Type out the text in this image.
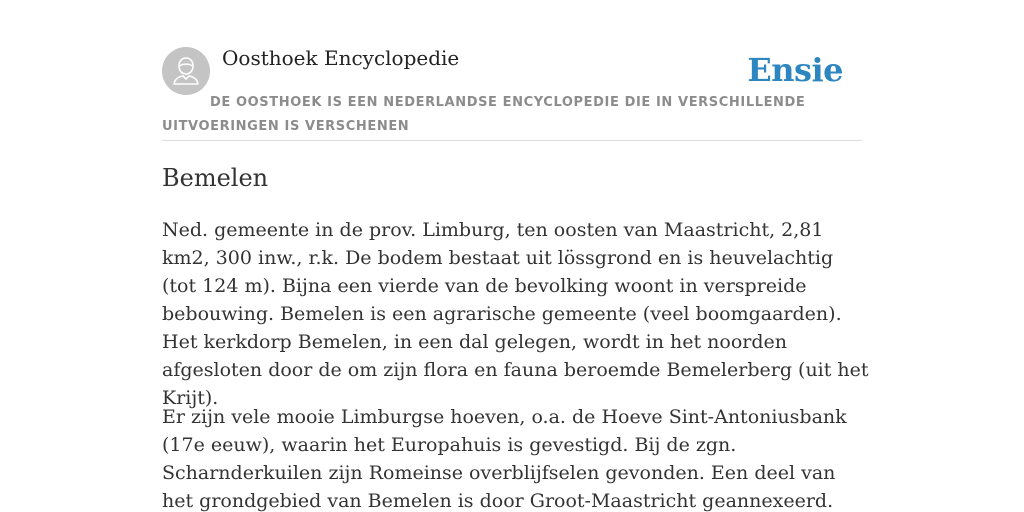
Oosthoek Encyclopedie	Ensie

DE OOSTHOEK IS EEN NEDERLANDSE ENCYCLOPEDIE DIE IN VERSCHILLENDE UITVOERINGEN IS VERSCHENEN

Bemelen

Ned. gemeente in de prov. Limburg, ten oosten van Maastricht, 2,81 km2, 300 inw., r.k. De bodem bestaat uit lössgrond en is heuvelachtig (tot 124 m). Bijna een vierde van de bevolking woont in verspreide bebouwing. Bemelen is een agrarische gemeente (veel boomgaarden). Het kerkdorp Bemelen, in een dal gelegen, wordt in het noorden afgesloten door de om zijn flora en fauna beroemde Bemelerberg (uit het Krijt).

Er zijn vele mooie Limburgse hoeven, o.a. de Hoeve Sint-Antoniusbank (17e eeuw), waarin het Europahuis is gevestigd. Bij de zgn. Scharnderkuilen zijn Romeinse overblijfselen gevonden. Een deel van het grondgebied van Bemelen is door Groot-Maastricht geannexeerd.
